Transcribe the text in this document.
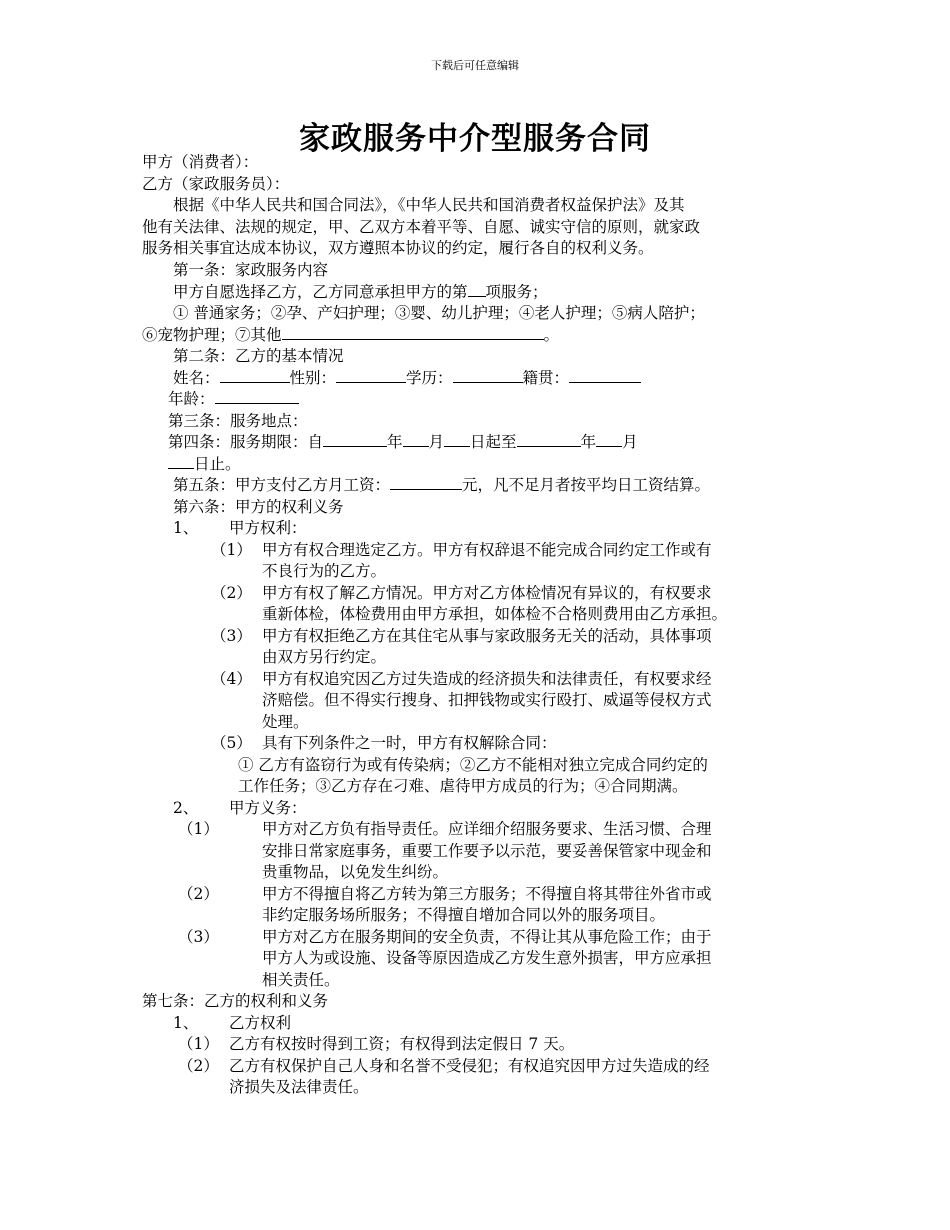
下载后可任意编辑
家政服务中介型服务合同
甲方（消费者）：
乙方（家政服务员）：
根据《中华人民共和国合同法》，《中华人民共和国消费者权益保护法》及其
他有关法律、法规的规定，甲、乙双方本着平等、自愿、诚实守信的原则，就家政
服务相关事宜达成本协议，双方遵照本协议的约定，履行各自的权利义务。
第一条：家政服务内容
甲方自愿选择乙方，乙方同意承担甲方的第 项服务；
① 普通家务；②孕、产妇护理；③婴、幼儿护理；④老人护理；⑤病人陪护；
⑥宠物护理；⑦其他	。
第二条：乙方的基本情况
姓名：	性别：	学历：	籍贯：
年龄：
第三条：服务地点：
第四条：服务期限：自	年 月 日起至	年 月
日止。
第五条：甲方支付乙方月工资：	元，凡不足月者按平均日工资结算。
第六条：甲方的权利义务
1、 甲方权利：
（1） 甲方有权合理选定乙方。甲方有权辞退不能完成合同约定工作或有
不良行为的乙方。
（2） 甲方有权了解乙方情况。甲方对乙方体检情况有异议的，有权要求
重新体检，体检费用由甲方承担，如体检不合格则费用由乙方承担。
（3） 甲方有权拒绝乙方在其住宅从事与家政服务无关的活动，具体事项
由双方另行约定。
（4） 甲方有权追究因乙方过失造成的经济损失和法律责任，有权要求经
济赔偿。但不得实行搜身、扣押钱物或实行殴打、威逼等侵权方式
处理。
（5） 具有下列条件之一时，甲方有权解除合同：
① 乙方有盗窃行为或有传染病；②乙方不能相对独立完成合同约定的
工作任务；③乙方存在刁难、虐待甲方成员的行为；④合同期满。
2、 甲方义务：
（1）	甲方对乙方负有指导责任。应详细介绍服务要求、生活习惯、合理
安排日常家庭事务，重要工作要予以示范，要妥善保管家中现金和
贵重物品，以免发生纠纷。
（2）	甲方不得擅自将乙方转为第三方服务；不得擅自将其带往外省市或
非约定服务场所服务；不得擅自增加合同以外的服务项目。
（3）	甲方对乙方在服务期间的安全负责，不得让其从事危险工作；由于
甲方人为或设施、设备等原因造成乙方发生意外损害，甲方应承担
相关责任。
第七条：乙方的权利和义务
1、 乙方权利
（1） 乙方有权按时得到工资；有权得到法定假日 7 天。
（2） 乙方有权保护自己人身和名誉不受侵犯；有权追究因甲方过失造成的经
济损失及法律责任。
